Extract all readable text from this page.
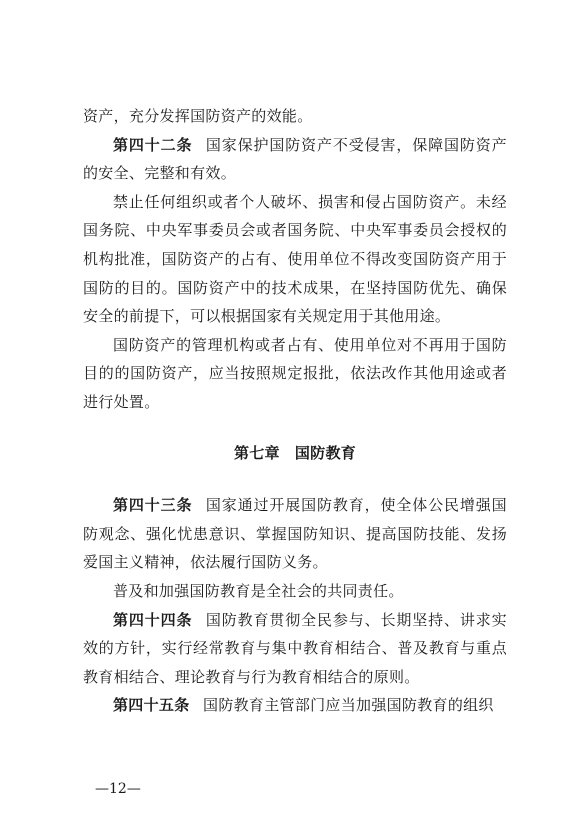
资产，充分发挥国防资产的效能。

第四十二条 国家保护国防资产不受侵害，保障国防资产的安全、完整和有效。

禁止任何组织或者个人破坏、损害和侵占国防资产。未经国务院、中央军事委员会或者国务院、中央军事委员会授权的机构批准，国防资产的占有、使用单位不得改变国防资产用于国防的目的。国防资产中的技术成果，在坚持国防优先、确保安全的前提下，可以根据国家有关规定用于其他用途。

国防资产的管理机构或者占有、使用单位对不再用于国防目的的国防资产，应当按照规定报批，依法改作其他用途或者进行处置。

第七章 国防教育

第四十三条 国家通过开展国防教育，使全体公民增强国防观念、强化忧患意识、掌握国防知识、提高国防技能、发扬爱国主义精神，依法履行国防义务。

普及和加强国防教育是全社会的共同责任。

第四十四条 国防教育贯彻全民参与、长期坚持、讲求实效的方针，实行经常教育与集中教育相结合、普及教育与重点教育相结合、理论教育与行为教育相结合的原则。

第四十五条 国防教育主管部门应当加强国防教育的组织

—12—
